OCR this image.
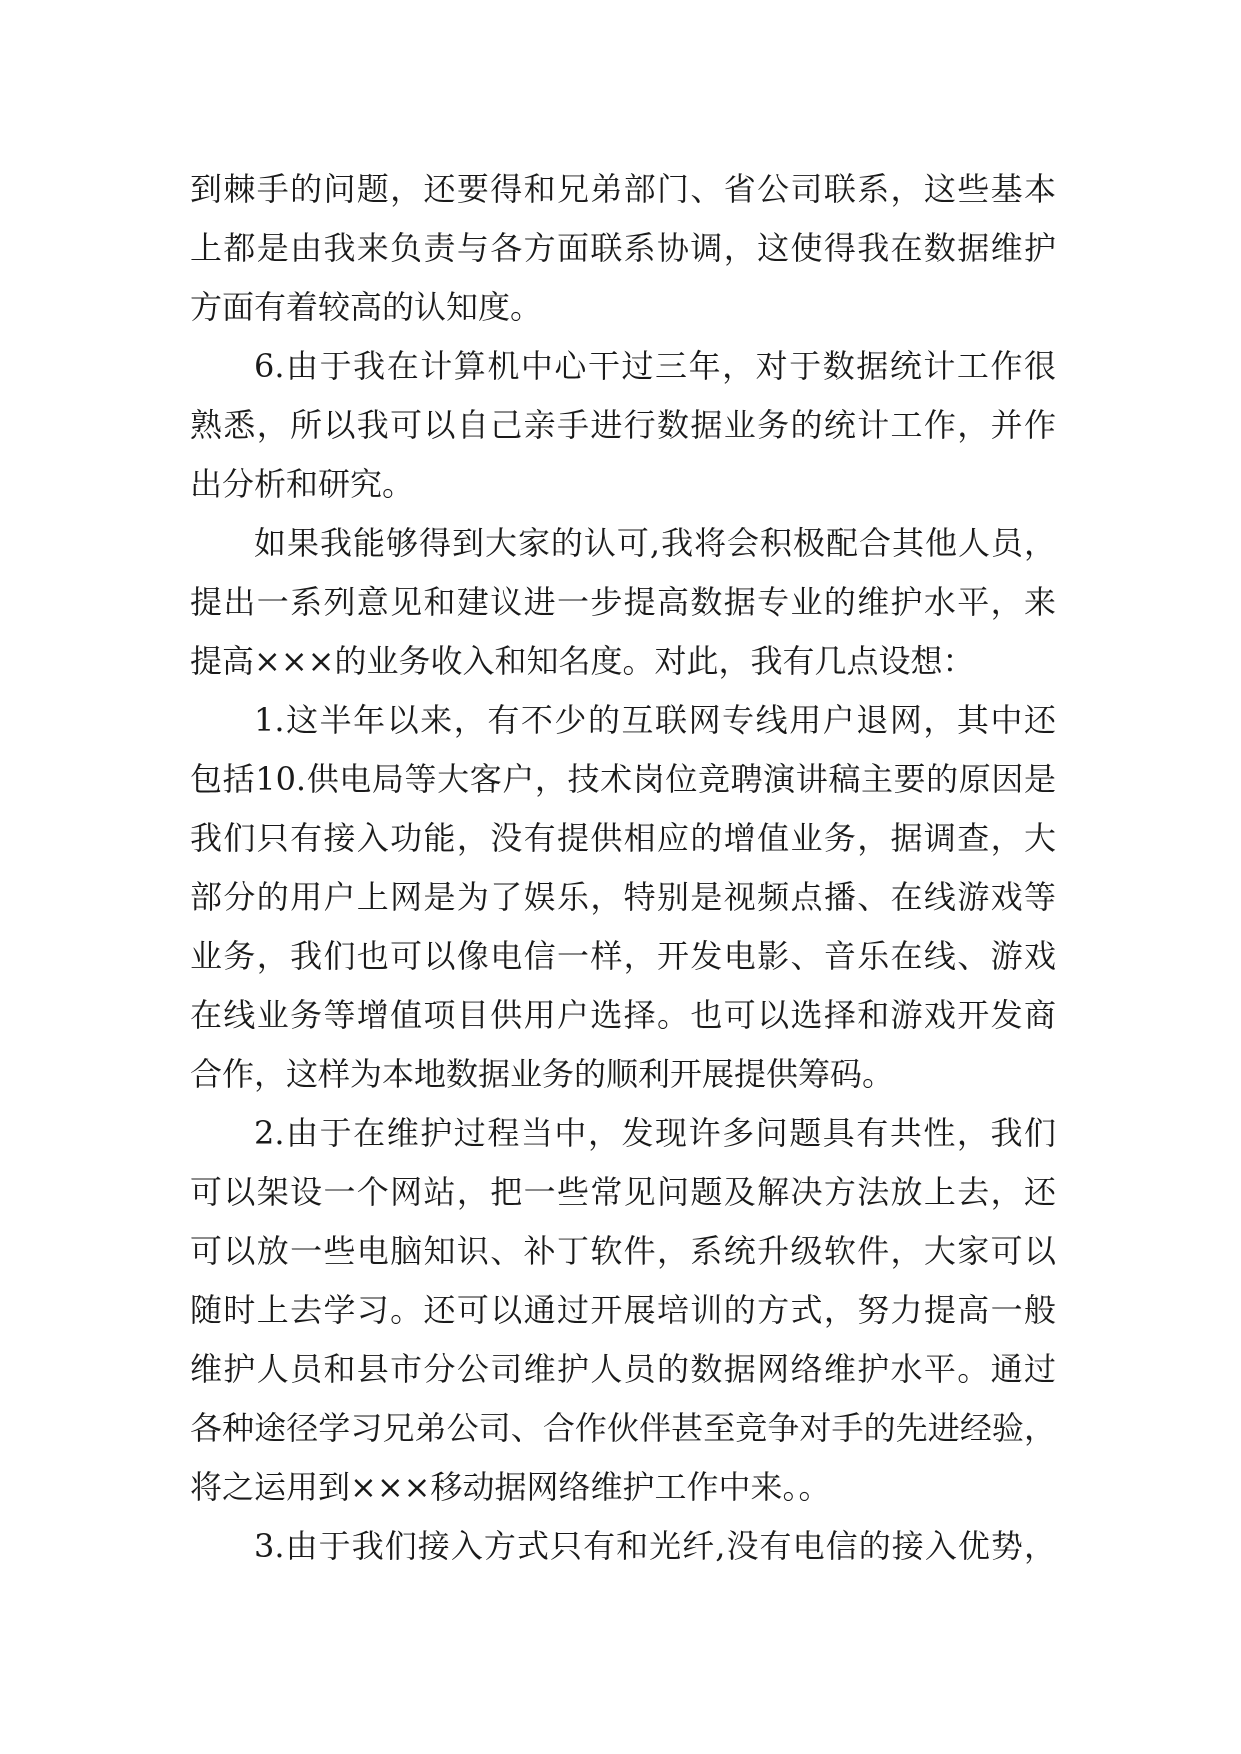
到棘手的问题，还要得和兄弟部门、省公司联系，这些基本
上都是由我来负责与各方面联系协调，这使得我在数据维护
方面有着较高的认知度。
6.由于我在计算机中心干过三年，对于数据统计工作很
熟悉，所以我可以自己亲手进行数据业务的统计工作，并作
出分析和研究。
如果我能够得到大家的认可,我将会积极配合其他人员，
提出一系列意见和建议进一步提高数据专业的维护水平，来
提高×××的业务收入和知名度。对此，我有几点设想：
1.这半年以来，有不少的互联网专线用户退网，其中还
包括10.供电局等大客户，技术岗位竞聘演讲稿主要的原因是
我们只有接入功能，没有提供相应的增值业务，据调查，大
部分的用户上网是为了娱乐，特别是视频点播、在线游戏等
业务，我们也可以像电信一样，开发电影、音乐在线、游戏
在线业务等增值项目供用户选择。也可以选择和游戏开发商
合作，这样为本地数据业务的顺利开展提供筹码。
2.由于在维护过程当中，发现许多问题具有共性，我们
可以架设一个网站，把一些常见问题及解决方法放上去，还
可以放一些电脑知识、补丁软件，系统升级软件，大家可以
随时上去学习。还可以通过开展培训的方式，努力提高一般
维护人员和县市分公司维护人员的数据网络维护水平。通过
各种途径学习兄弟公司、合作伙伴甚至竞争对手的先进经验，
将之运用到×××移动据网络维护工作中来。。
3.由于我们接入方式只有和光纤,没有电信的接入优势，
